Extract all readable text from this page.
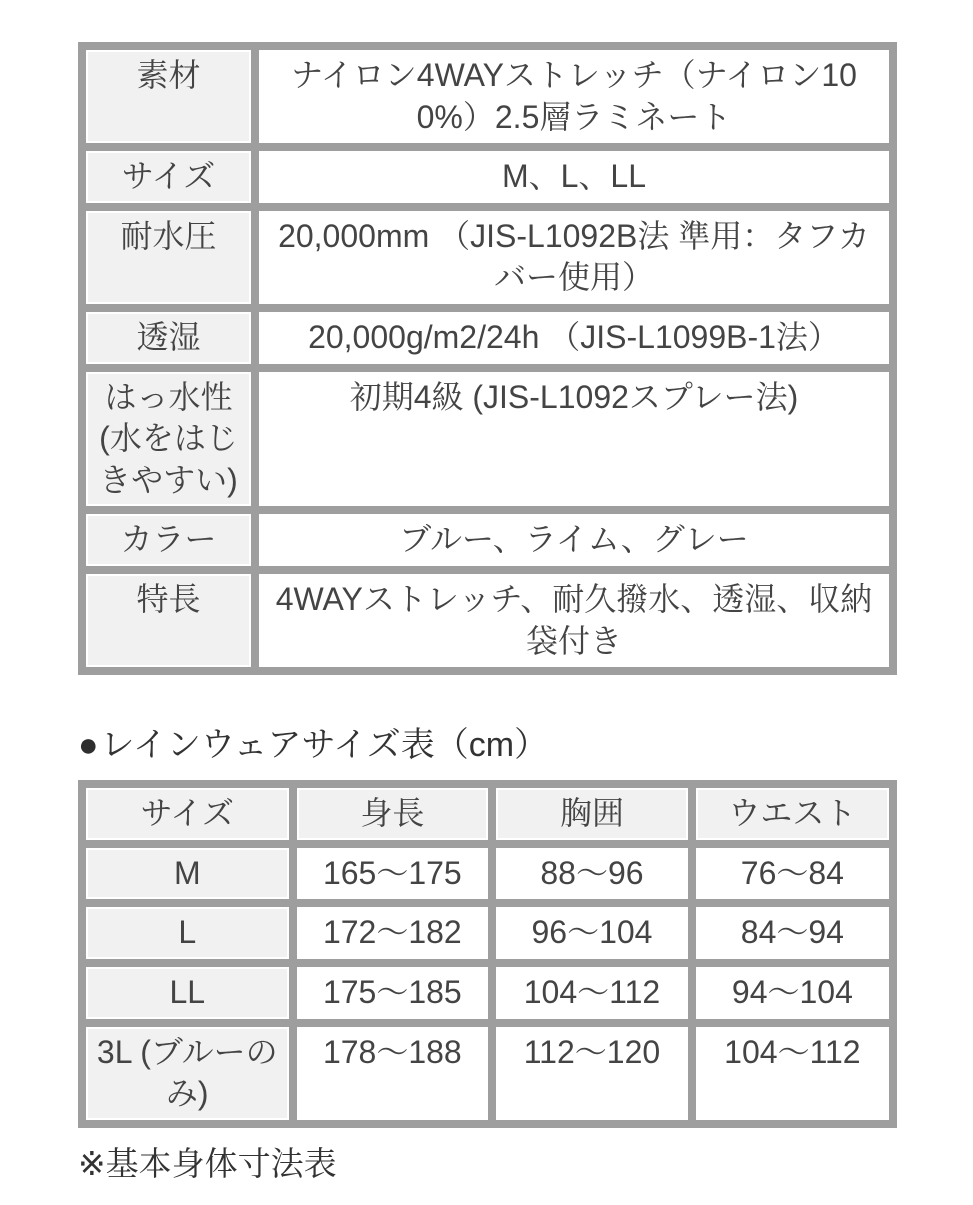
素材	ナイロン4WAYストレッチ（ナイロン100%）2.5層ラミネート
サイズ	M、L、LL
耐水圧	20,000mm （JIS-L1092B法 準用：タフカバー使用）
透湿	20,000g/m2/24h （JIS-L1099B-1法）
はっ水性(水をはじきやすい)	初期4級 (JIS-L1092スプレー法)
カラー	ブルー、ライム、グレー
特長	4WAYストレッチ、耐久撥水、透湿、収納袋付き
●レインウェアサイズ表（cm）
サイズ	身長	胸囲	ウエスト
M	165～175	88～96	76～84
L	172～182	96～104	84～94
LL	175～185	104～112	94～104
3L (ブルーのみ)	178～188	112～120	104～112
※基本身体寸法表
